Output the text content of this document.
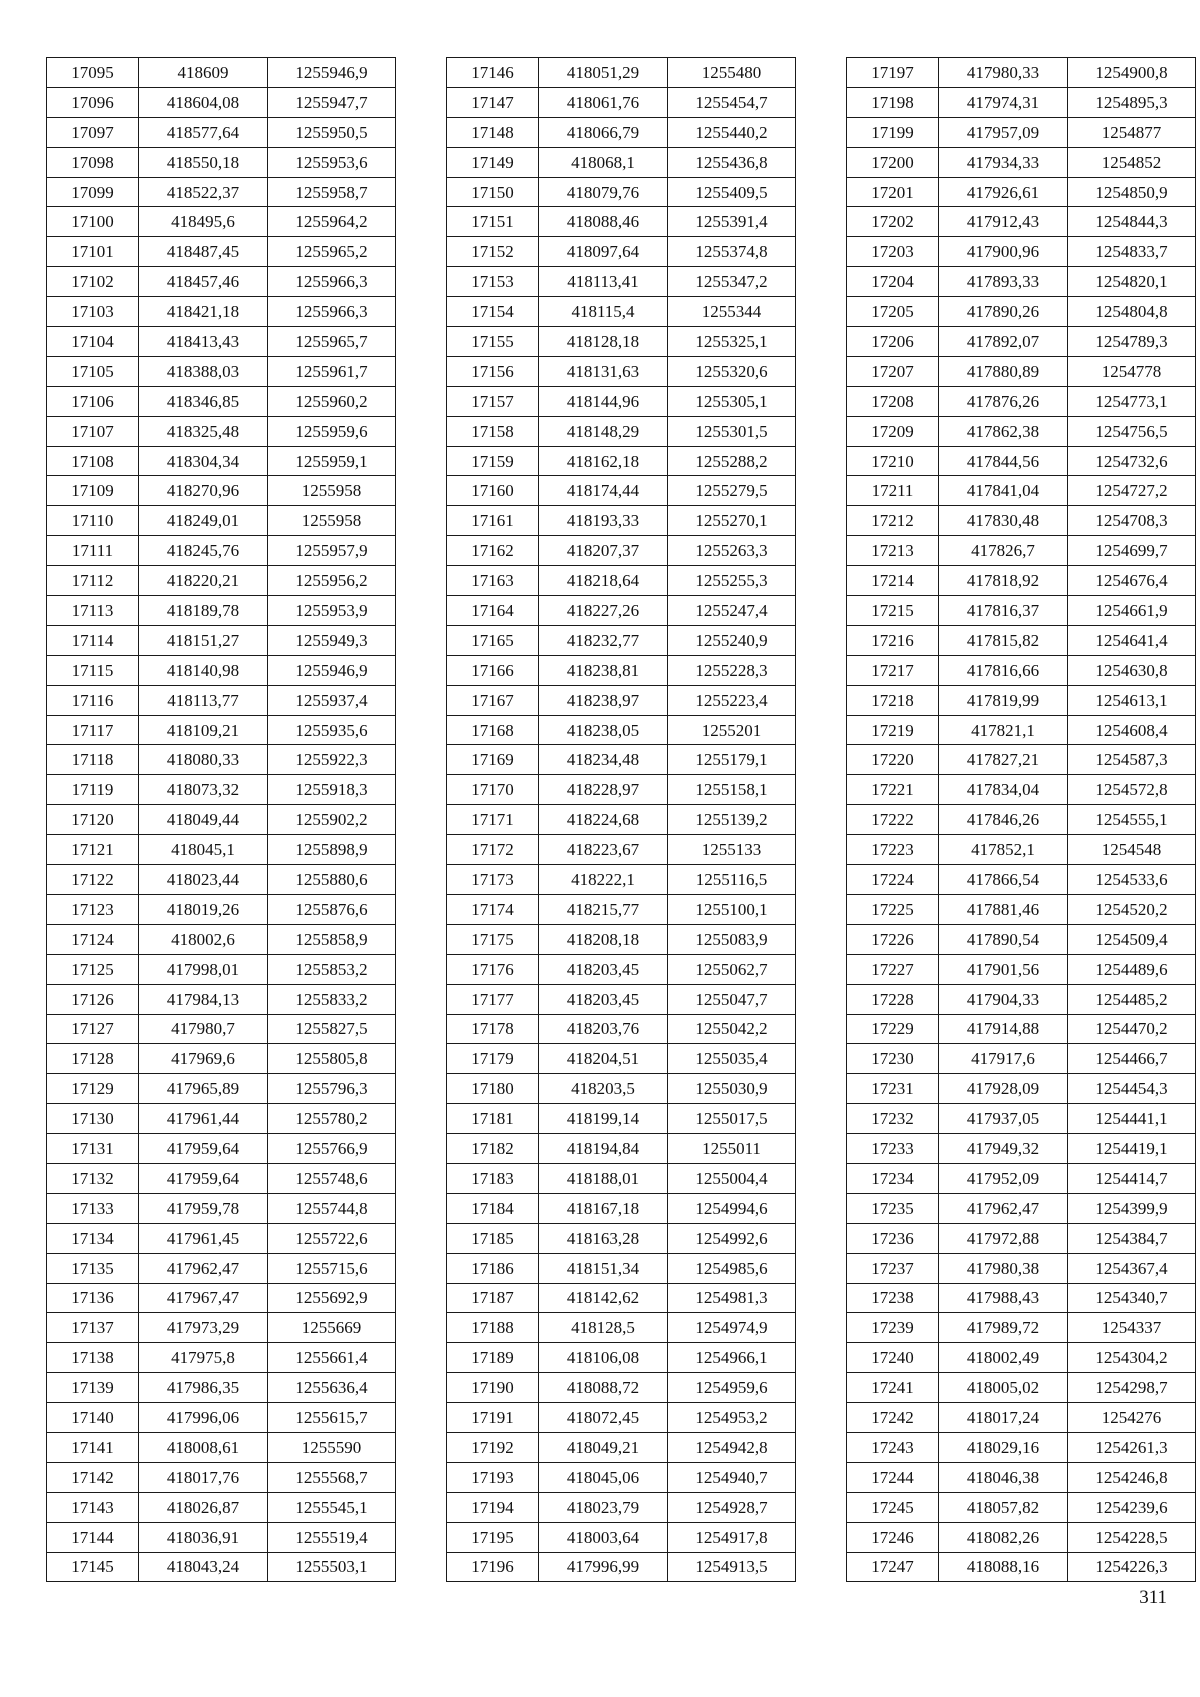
17095	418609	1255946,9
17096	418604,08	1255947,7
17097	418577,64	1255950,5
17098	418550,18	1255953,6
17099	418522,37	1255958,7
17100	418495,6	1255964,2
17101	418487,45	1255965,2
17102	418457,46	1255966,3
17103	418421,18	1255966,3
17104	418413,43	1255965,7
17105	418388,03	1255961,7
17106	418346,85	1255960,2
17107	418325,48	1255959,6
17108	418304,34	1255959,1
17109	418270,96	1255958
17110	418249,01	1255958
17111	418245,76	1255957,9
17112	418220,21	1255956,2
17113	418189,78	1255953,9
17114	418151,27	1255949,3
17115	418140,98	1255946,9
17116	418113,77	1255937,4
17117	418109,21	1255935,6
17118	418080,33	1255922,3
17119	418073,32	1255918,3
17120	418049,44	1255902,2
17121	418045,1	1255898,9
17122	418023,44	1255880,6
17123	418019,26	1255876,6
17124	418002,6	1255858,9
17125	417998,01	1255853,2
17126	417984,13	1255833,2
17127	417980,7	1255827,5
17128	417969,6	1255805,8
17129	417965,89	1255796,3
17130	417961,44	1255780,2
17131	417959,64	1255766,9
17132	417959,64	1255748,6
17133	417959,78	1255744,8
17134	417961,45	1255722,6
17135	417962,47	1255715,6
17136	417967,47	1255692,9
17137	417973,29	1255669
17138	417975,8	1255661,4
17139	417986,35	1255636,4
17140	417996,06	1255615,7
17141	418008,61	1255590
17142	418017,76	1255568,7
17143	418026,87	1255545,1
17144	418036,91	1255519,4
17145	418043,24	1255503,1
17146	418051,29	1255480
17147	418061,76	1255454,7
17148	418066,79	1255440,2
17149	418068,1	1255436,8
17150	418079,76	1255409,5
17151	418088,46	1255391,4
17152	418097,64	1255374,8
17153	418113,41	1255347,2
17154	418115,4	1255344
17155	418128,18	1255325,1
17156	418131,63	1255320,6
17157	418144,96	1255305,1
17158	418148,29	1255301,5
17159	418162,18	1255288,2
17160	418174,44	1255279,5
17161	418193,33	1255270,1
17162	418207,37	1255263,3
17163	418218,64	1255255,3
17164	418227,26	1255247,4
17165	418232,77	1255240,9
17166	418238,81	1255228,3
17167	418238,97	1255223,4
17168	418238,05	1255201
17169	418234,48	1255179,1
17170	418228,97	1255158,1
17171	418224,68	1255139,2
17172	418223,67	1255133
17173	418222,1	1255116,5
17174	418215,77	1255100,1
17175	418208,18	1255083,9
17176	418203,45	1255062,7
17177	418203,45	1255047,7
17178	418203,76	1255042,2
17179	418204,51	1255035,4
17180	418203,5	1255030,9
17181	418199,14	1255017,5
17182	418194,84	1255011
17183	418188,01	1255004,4
17184	418167,18	1254994,6
17185	418163,28	1254992,6
17186	418151,34	1254985,6
17187	418142,62	1254981,3
17188	418128,5	1254974,9
17189	418106,08	1254966,1
17190	418088,72	1254959,6
17191	418072,45	1254953,2
17192	418049,21	1254942,8
17193	418045,06	1254940,7
17194	418023,79	1254928,7
17195	418003,64	1254917,8
17196	417996,99	1254913,5
17197	417980,33	1254900,8
17198	417974,31	1254895,3
17199	417957,09	1254877
17200	417934,33	1254852
17201	417926,61	1254850,9
17202	417912,43	1254844,3
17203	417900,96	1254833,7
17204	417893,33	1254820,1
17205	417890,26	1254804,8
17206	417892,07	1254789,3
17207	417880,89	1254778
17208	417876,26	1254773,1
17209	417862,38	1254756,5
17210	417844,56	1254732,6
17211	417841,04	1254727,2
17212	417830,48	1254708,3
17213	417826,7	1254699,7
17214	417818,92	1254676,4
17215	417816,37	1254661,9
17216	417815,82	1254641,4
17217	417816,66	1254630,8
17218	417819,99	1254613,1
17219	417821,1	1254608,4
17220	417827,21	1254587,3
17221	417834,04	1254572,8
17222	417846,26	1254555,1
17223	417852,1	1254548
17224	417866,54	1254533,6
17225	417881,46	1254520,2
17226	417890,54	1254509,4
17227	417901,56	1254489,6
17228	417904,33	1254485,2
17229	417914,88	1254470,2
17230	417917,6	1254466,7
17231	417928,09	1254454,3
17232	417937,05	1254441,1
17233	417949,32	1254419,1
17234	417952,09	1254414,7
17235	417962,47	1254399,9
17236	417972,88	1254384,7
17237	417980,38	1254367,4
17238	417988,43	1254340,7
17239	417989,72	1254337
17240	418002,49	1254304,2
17241	418005,02	1254298,7
17242	418017,24	1254276
17243	418029,16	1254261,3
17244	418046,38	1254246,8
17245	418057,82	1254239,6
17246	418082,26	1254228,5
17247	418088,16	1254226,3
311
